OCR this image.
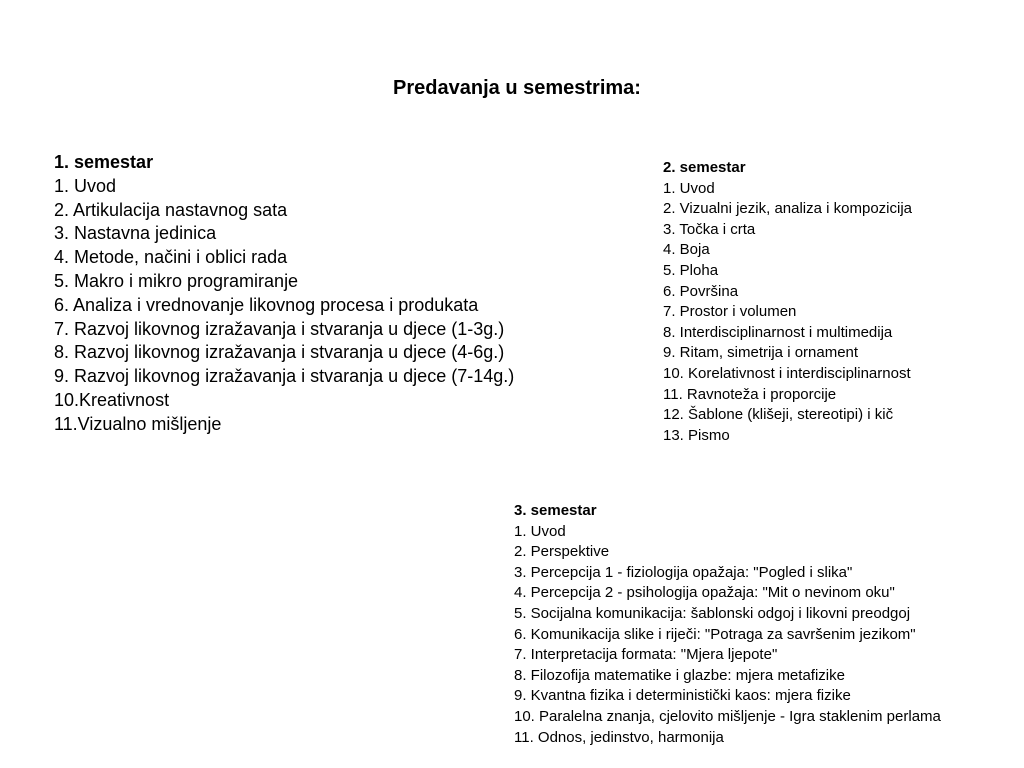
Predavanja u semestrima:
1. semestar
1. Uvod
2. Artikulacija nastavnog sata
3. Nastavna jedinica
4. Metode, načini i oblici rada
5. Makro i mikro programiranje
6. Analiza i vrednovanje likovnog procesa i produkata
7. Razvoj likovnog izražavanja i stvaranja u djece (1-3g.)
8. Razvoj likovnog izražavanja i stvaranja u djece (4-6g.)
9. Razvoj likovnog izražavanja i stvaranja u djece (7-14g.)
10.Kreativnost
11.Vizualno mišljenje
2. semestar
1. Uvod
2. Vizualni jezik, analiza i kompozicija
3. Točka i crta
4. Boja
5. Ploha
6. Površina
7. Prostor i volumen
8. Interdisciplinarnost i multimedija
9. Ritam, simetrija i ornament
10. Korelativnost i interdisciplinarnost
11. Ravnoteža i proporcije
12. Šablone (klišeji, stereotipi) i kič
13. Pismo
3. semestar
1. Uvod
2. Perspektive
3. Percepcija 1 - fiziologija opažaja: "Pogled i slika"
4. Percepcija 2 - psihologija opažaja: "Mit o nevinom oku"
5. Socijalna komunikacija: šablonski odgoj i likovni preodgoj
6. Komunikacija slike i riječi: "Potraga za savršenim jezikom"
7. Interpretacija formata: "Mjera ljepote"
8. Filozofija matematike i glazbe: mjera metafizike
9. Kvantna fizika i deterministički kaos: mjera fizike
10. Paralelna znanja, cjelovito mišljenje - Igra staklenim perlama
11. Odnos, jedinstvo, harmonija
